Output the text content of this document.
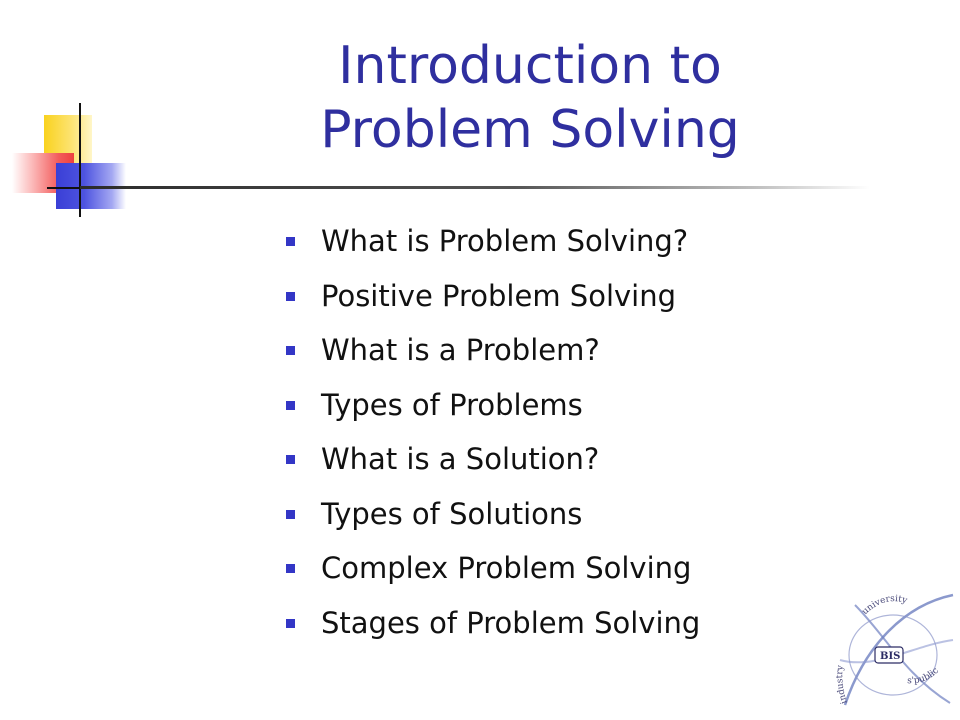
Introduction to
Problem Solving
What is Problem Solving?
Positive Problem Solving
What is a Problem?
Types of Problems
What is a Solution?
Types of Solutions
Complex Problem Solving
Stages of Problem Solving
BIS
university
industry
s'public
